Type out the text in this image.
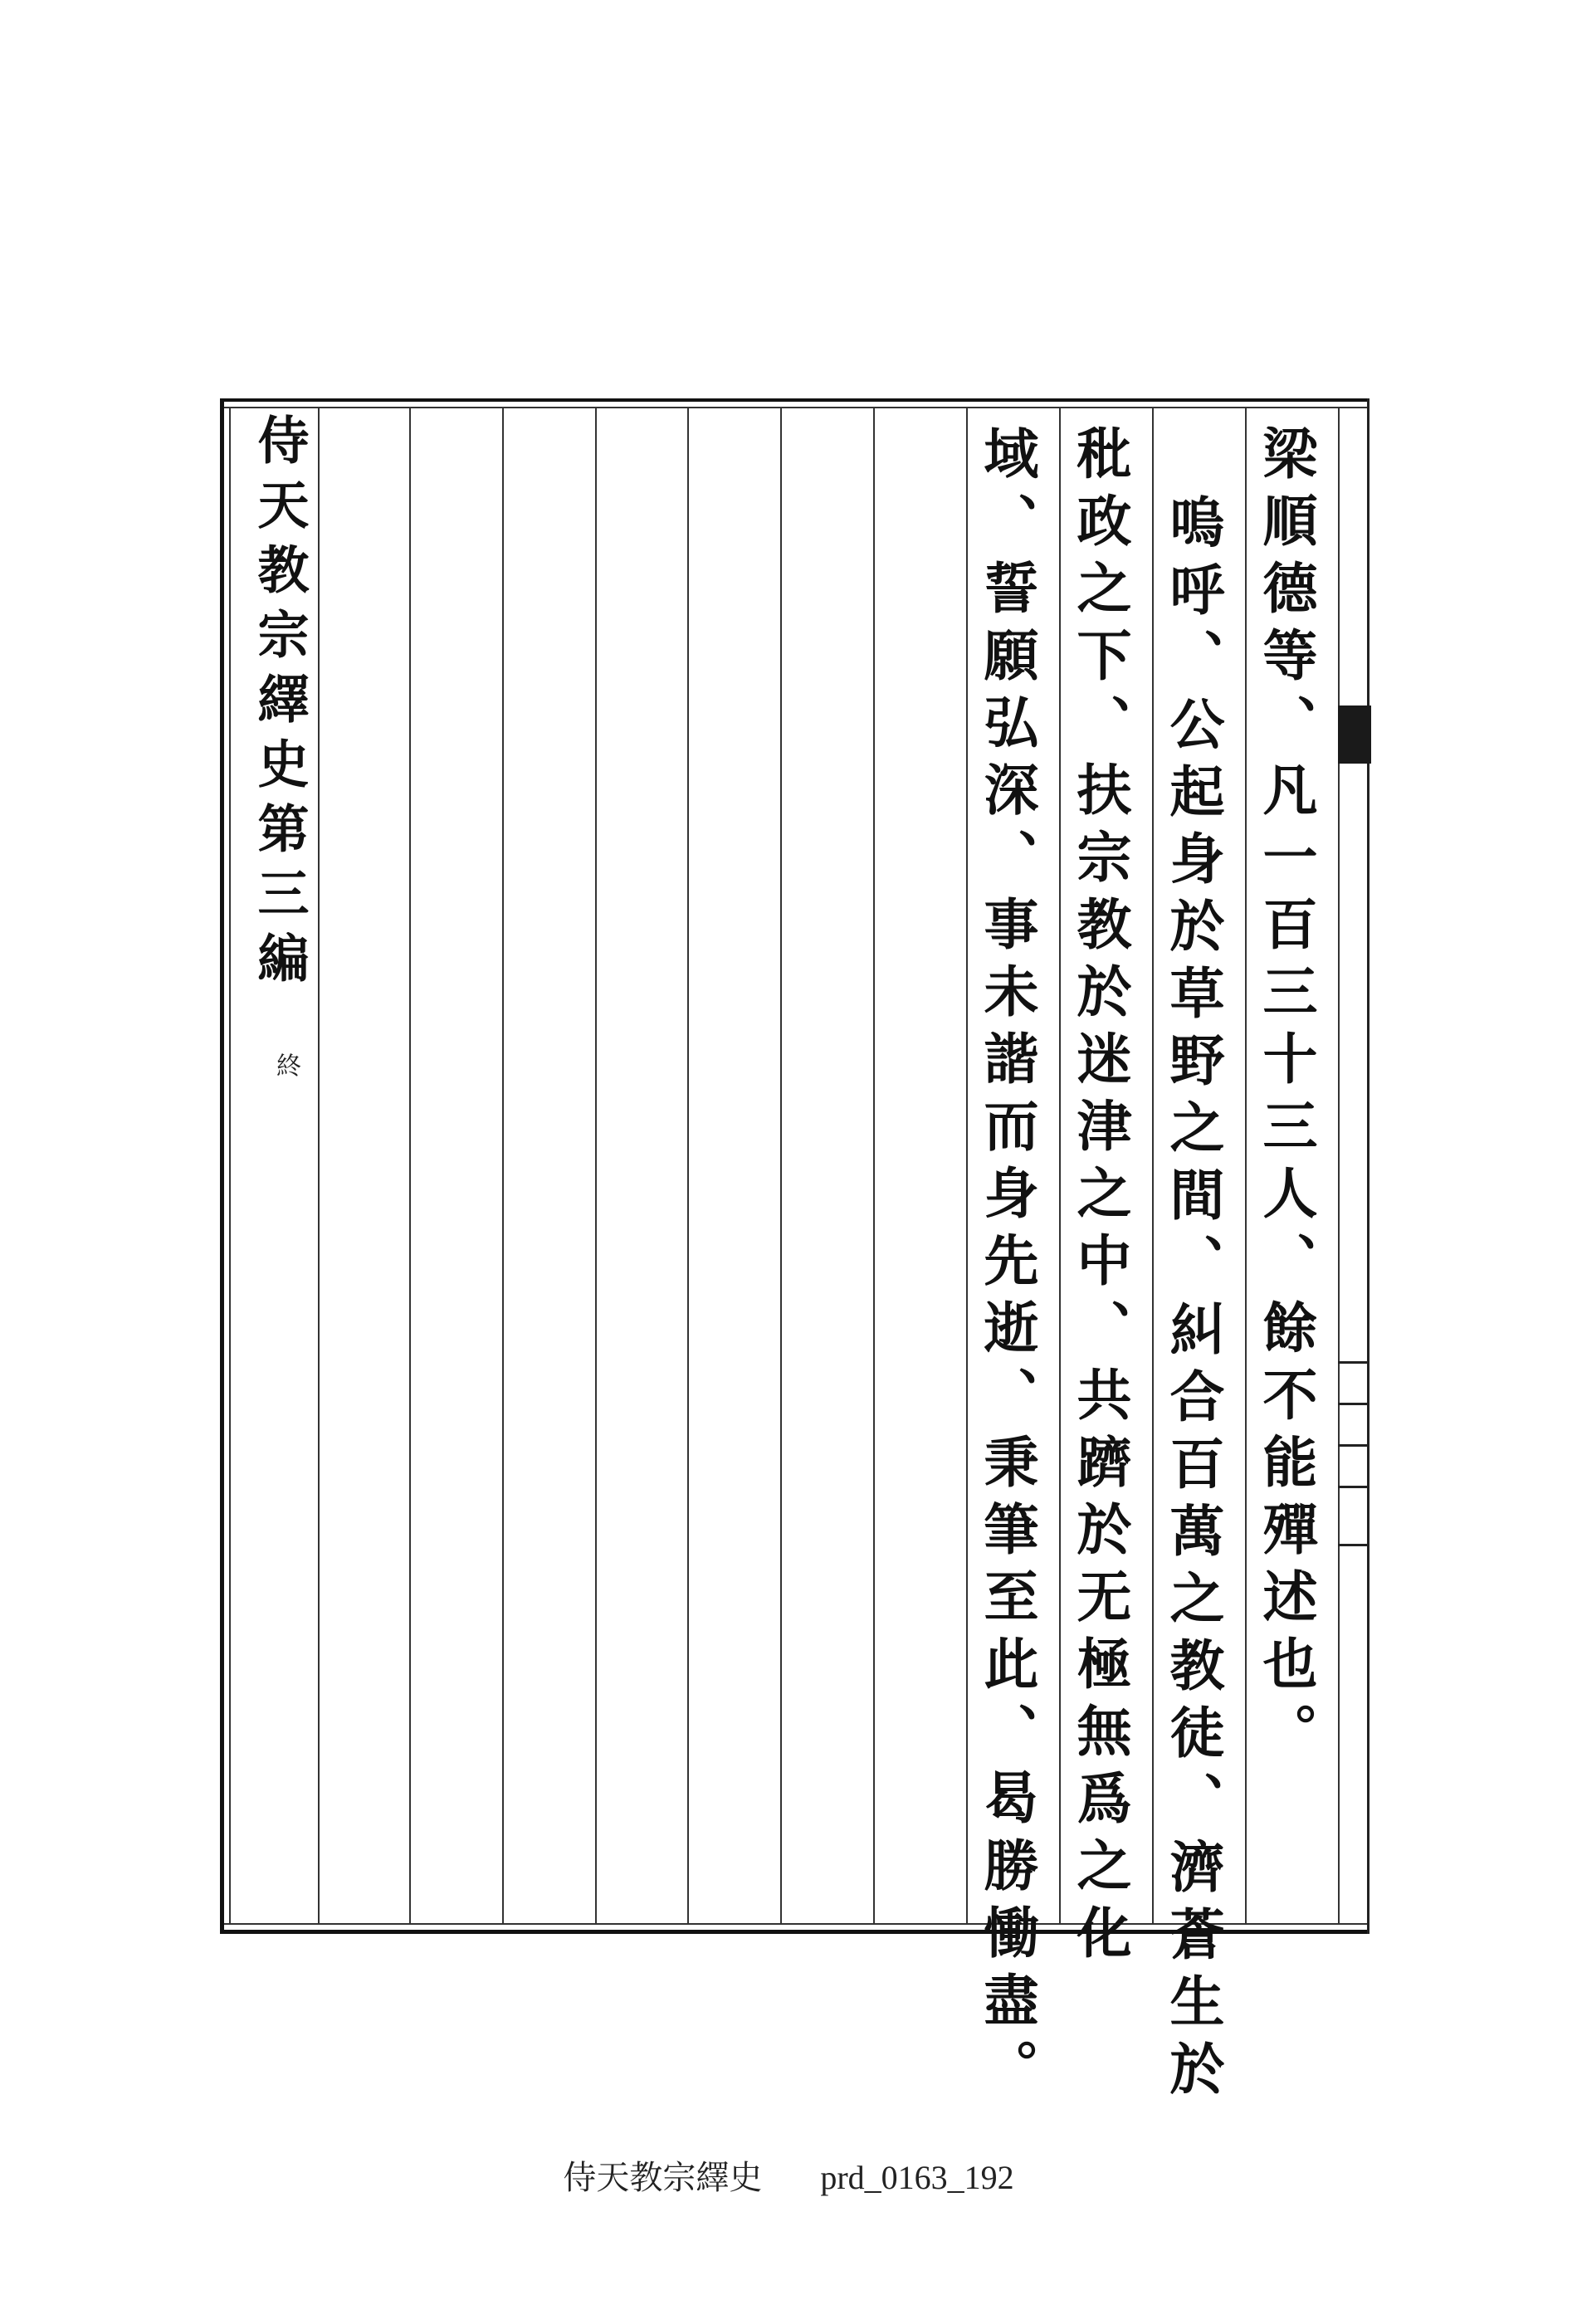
梁順德等、凡一百三十三人、餘不能殫述也。
嗚呼、公起身於草野之間、糾合百萬之教徒、濟蒼生於
秕政之下、扶宗教於迷津之中、共躋於无極無爲之化
域、誓願弘深、事未諧而身先逝、秉筆至此、曷勝慟盡。
侍天教宗繹史第三編
終
侍天教宗繹史 prd_0163_192
